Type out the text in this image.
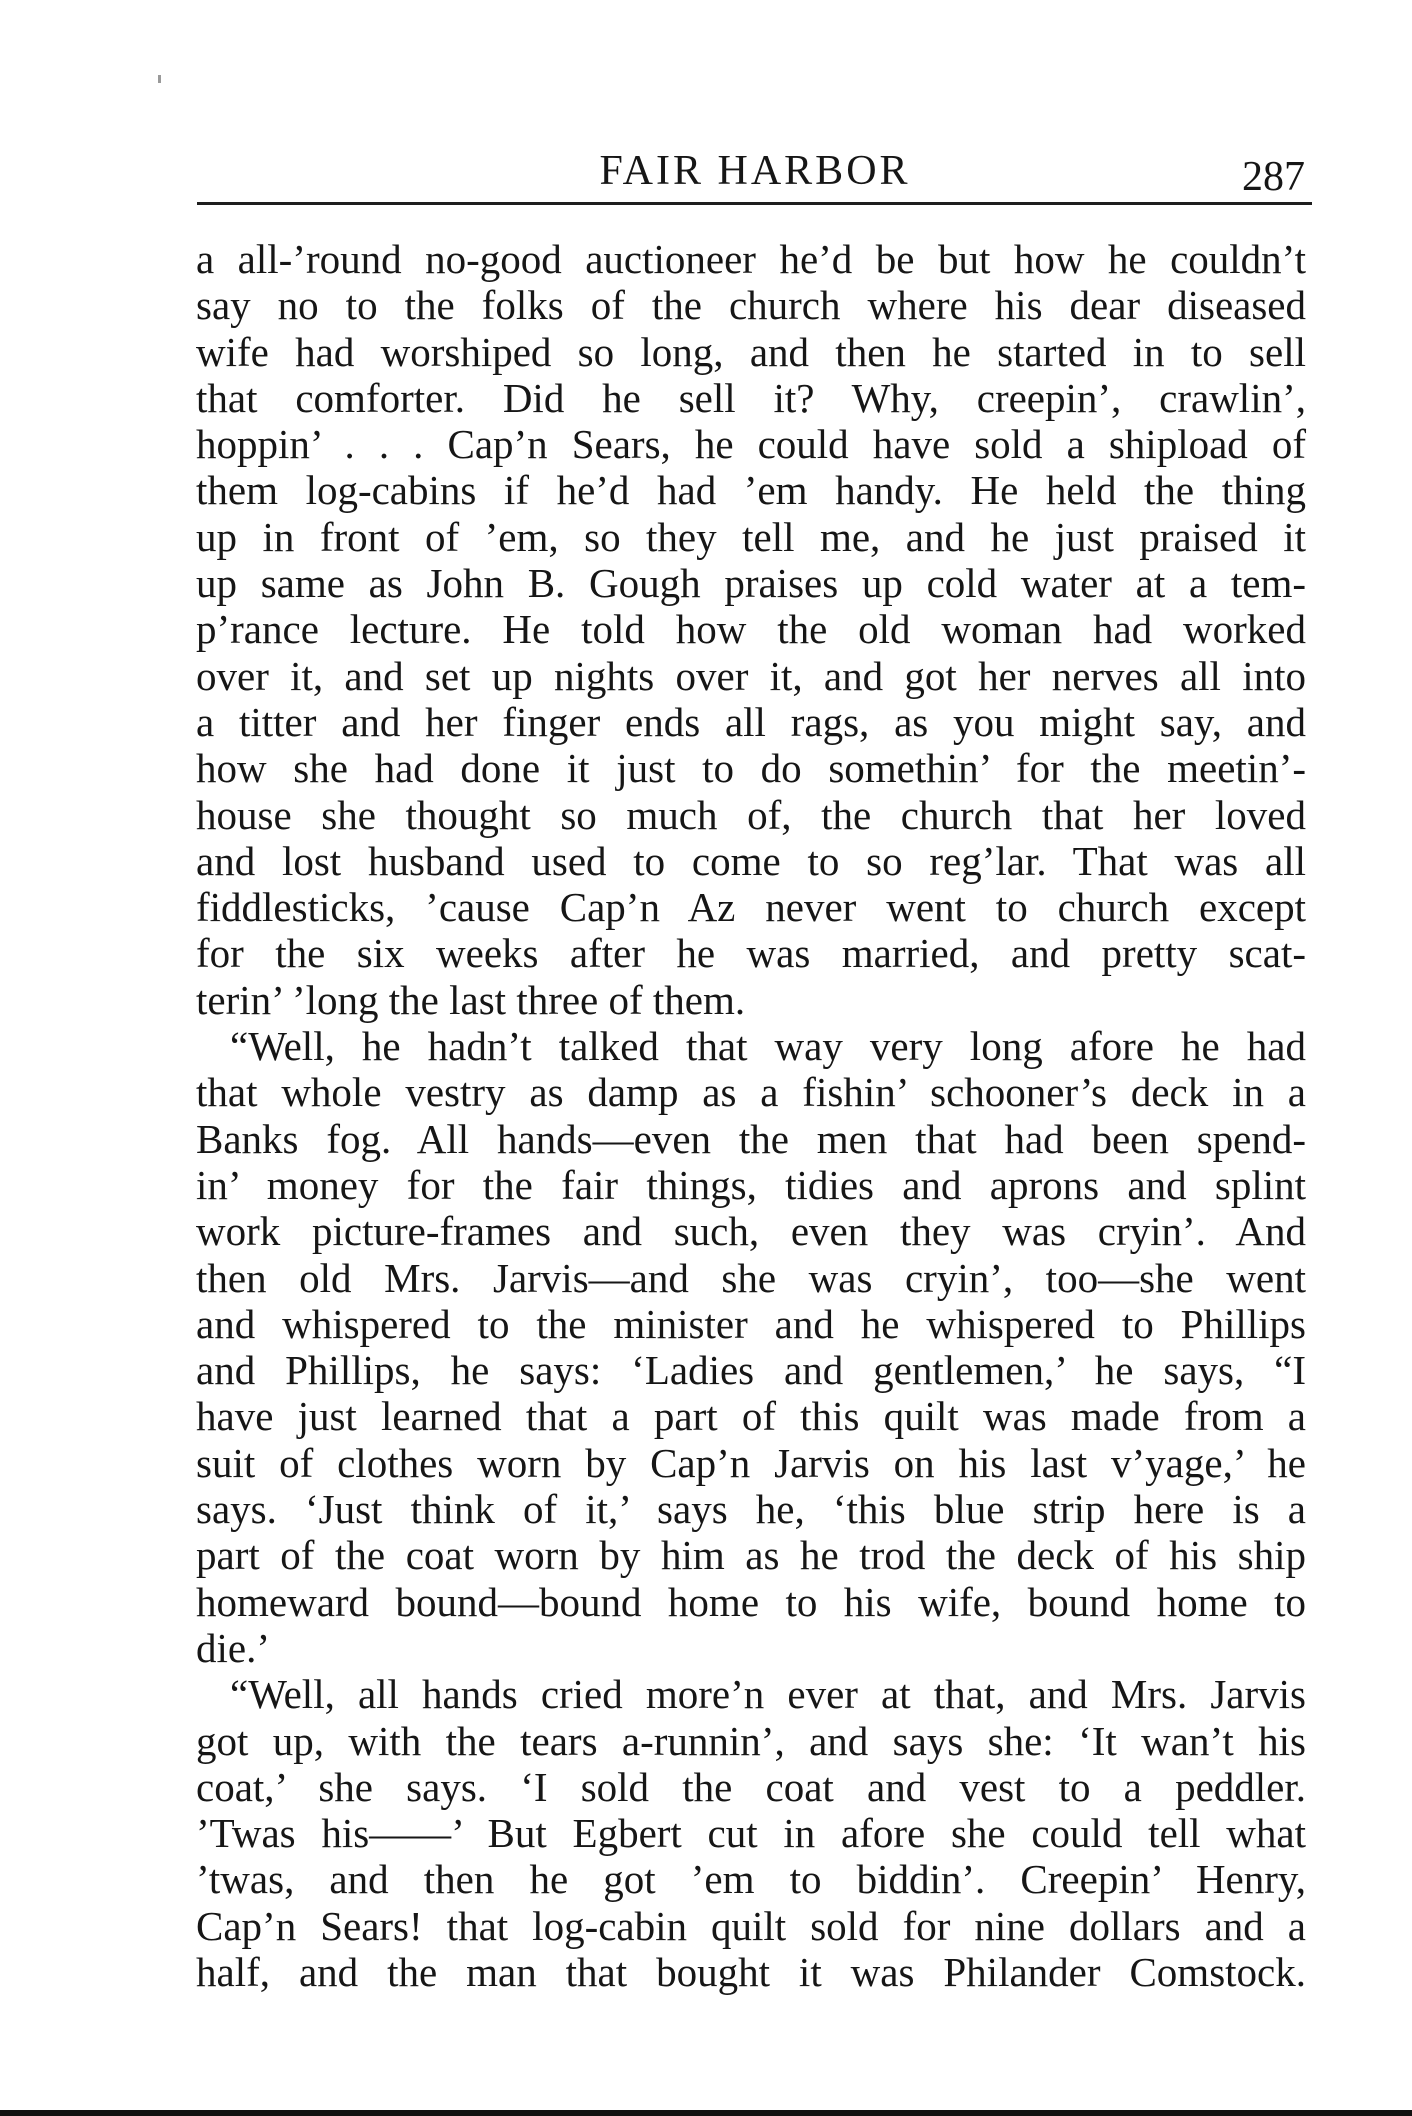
FAIR HARBOR	287
a all-’round no-good auctioneer he’d be but how he couldn’t
say no to the folks of the church where his dear diseased
wife had worshiped so long, and then he started in to sell
that comforter. Did he sell it? Why, creepin’, crawlin’,
hoppin’ . . . Cap’n Sears, he could have sold a shipload of
them log-cabins if he’d had ’em handy. He held the thing
up in front of ’em, so they tell me, and he just praised it
up same as John B. Gough praises up cold water at a tem-
p’rance lecture. He told how the old woman had worked
over it, and set up nights over it, and got her nerves all into
a titter and her finger ends all rags, as you might say, and
how she had done it just to do somethin’ for the meetin’-
house she thought so much of, the church that her loved
and lost husband used to come to so reg’lar. That was all
fiddlesticks, ’cause Cap’n Az never went to church except
for the six weeks after he was married, and pretty scat-
terin’ ’long the last three of them.
“Well, he hadn’t talked that way very long afore he had
that whole vestry as damp as a fishin’ schooner’s deck in a
Banks fog. All hands—even the men that had been spend-
in’ money for the fair things, tidies and aprons and splint
work picture-frames and such, even they was cryin’. And
then old Mrs. Jarvis—and she was cryin’, too—she went
and whispered to the minister and he whispered to Phillips
and Phillips, he says: ‘Ladies and gentlemen,’ he says, “I
have just learned that a part of this quilt was made from a
suit of clothes worn by Cap’n Jarvis on his last v’yage,’ he
says. ‘Just think of it,’ says he, ‘this blue strip here is a
part of the coat worn by him as he trod the deck of his ship
homeward bound—bound home to his wife, bound home to
die.’
“Well, all hands cried more’n ever at that, and Mrs. Jarvis
got up, with the tears a-runnin’, and says she: ‘It wan’t his
coat,’ she says. ‘I sold the coat and vest to a peddler.
’Twas his——’ But Egbert cut in afore she could tell what
’twas, and then he got ’em to biddin’. Creepin’ Henry,
Cap’n Sears! that log-cabin quilt sold for nine dollars and a
half, and the man that bought it was Philander Comstock.
